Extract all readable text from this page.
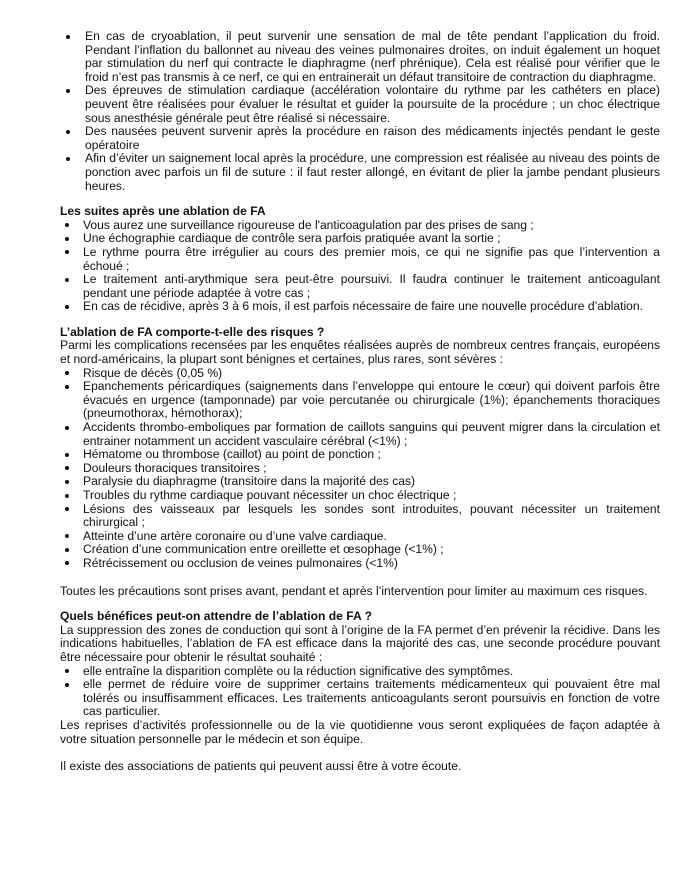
En cas de cryoablation, il peut survenir une sensation de mal de tête pendant l’application du froid. Pendant l’inflation du ballonnet au niveau des veines pulmonaires droites, on induit également un hoquet par stimulation du nerf qui contracte le diaphragme (nerf phrénique). Cela est réalisé pour vérifier que le froid n’est pas transmis à ce nerf, ce qui en entrainerait un défaut transitoire de contraction du diaphragme.
Des épreuves de stimulation cardiaque (accélération volontaire du rythme par les cathéters en place) peuvent être réalisées pour évaluer le résultat et guider la poursuite de la procédure ; un choc électrique sous anesthésie générale peut être réalisé si nécessaire.
Des nausées peuvent survenir après la procédure en raison des médicaments injectés pendant le geste opératoire
Afin d’éviter un saignement local après la procédure, une compression est réalisée au niveau des points de ponction avec parfois un fil de suture : il faut rester allongé, en évitant de plier la jambe pendant plusieurs heures.

Les suites après une ablation de FA

Vous aurez une surveillance rigoureuse de l'anticoagulation par des prises de sang ;
Une échographie cardiaque de contrôle sera parfois pratiquée avant la sortie ;
Le rythme pourra être irrégulier au cours des premier mois, ce qui ne signifie pas que l’intervention a échoué ;
Le traitement anti-arythmique sera peut-être poursuivi. Il faudra continuer le traitement anticoagulant pendant une période adaptée à votre cas ;
En cas de récidive, après 3 à 6 mois, il est parfois nécessaire de faire une nouvelle procédure d’ablation.

L’ablation de FA comporte-t-elle des risques ?

Parmi les complications recensées par les enquêtes réalisées auprès de nombreux centres français, européens et nord-américains, la plupart sont bénignes et certaines, plus rares, sont sévères :

Risque de décès (0,05 %)
Epanchements péricardiques (saignements dans l’enveloppe qui entoure le cœur) qui doivent parfois être évacués en urgence (tamponnade) par voie percutanée ou chirurgicale (1%); épanchements thoraciques (pneumothorax, hémothorax);
Accidents thrombo-emboliques par formation de caillots sanguins qui peuvent migrer dans la circulation et entrainer notamment un accident vasculaire cérébral (<1%) ;
Hématome ou thrombose (caillot) au point de ponction ;
Douleurs thoraciques transitoires ;
Paralysie du diaphragme (transitoire dans la majorité des cas)
Troubles du rythme cardiaque pouvant nécessiter un choc électrique ;
Lésions des vaisseaux par lesquels les sondes sont introduites, pouvant nécessiter un traitement chirurgical ;
Atteinte d’une artère coronaire ou d’une valve cardiaque.
Création d’une communication entre oreillette et œsophage (<1%) ;
Rétrécissement ou occlusion de veines pulmonaires (<1%)

Toutes les précautions sont prises avant, pendant et après l’intervention pour limiter au maximum ces risques.

Quels bénéfices peut-on attendre de l’ablation de FA ?

La suppression des zones de conduction qui sont à l’origine de la FA permet d’en prévenir la récidive. Dans les indications habituelles, l’ablation de FA est efficace dans la majorité des cas, une seconde procédure pouvant être nécessaire pour obtenir le résultat souhaité :

elle entraîne la disparition complète ou la réduction significative des symptômes.
elle permet de réduire voire de supprimer certains traitements médicamenteux qui pouvaient être mal tolérés ou insuffisamment efficaces. Les traitements anticoagulants seront poursuivis en fonction de votre cas particulier.

Les reprises d’activités professionnelle ou de la vie quotidienne vous seront expliquées de façon adaptée à votre situation personnelle par le médecin et son équipe.

Il existe des associations de patients qui peuvent aussi être à votre écoute.
